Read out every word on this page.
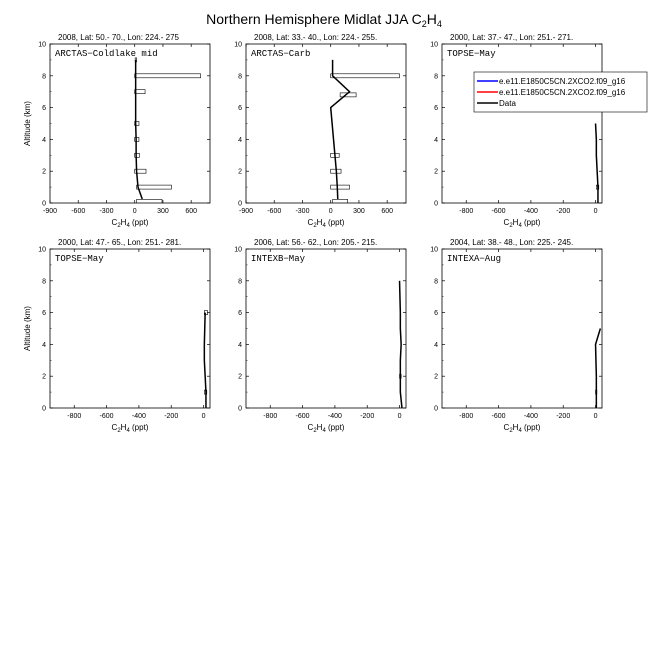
Northern Hemisphere Midlat JJA $C_2H_4$
2008, Lat: 50.- 70., Lon: 224.- 275
ARCTAS−Coldlake mid
-900 -600 -300	0	300 600
0
2
4
6
8
10
$C_2H_4$ (ppt)
Altitude (km)
2008, Lat: 33.- 40., Lon: 224.- 255.
ARCTAS−Carb
-900 -600 -300	0	300 600
0
2
4
6
8
10
$C_2H_4$ (ppt)
2000, Lat: 37.- 47., Lon: 251.- 271.
TOPSE−May
-800	-600	-400	-200	0
0
2
4
6
8
10
$C_2H_4$ (ppt)
2000, Lat: 47.- 65., Lon: 251.- 281.
TOPSE−May
-800	-600	-400	-200	0
0
2
4
6
8
10
$C_2H_4$ (ppt)
Altitude (km)
2006, Lat: 56.- 62., Lon: 205.- 215.
INTEXB−May
-800	-600	-400	-200	0
0
2
4
6
8
10
$C_2H_4$ (ppt)
2004, Lat: 38.- 48., Lon: 225.- 245.
INTEXA−Aug
-800	-600	-400	-200	0
0
2
4
6
8
10
$C_2H_4$ (ppt)
e.e11.E1850C5CN.2XCO2.f09_g16
e.e11.E1850C5CN.2XCO2.f09_g16
Data
